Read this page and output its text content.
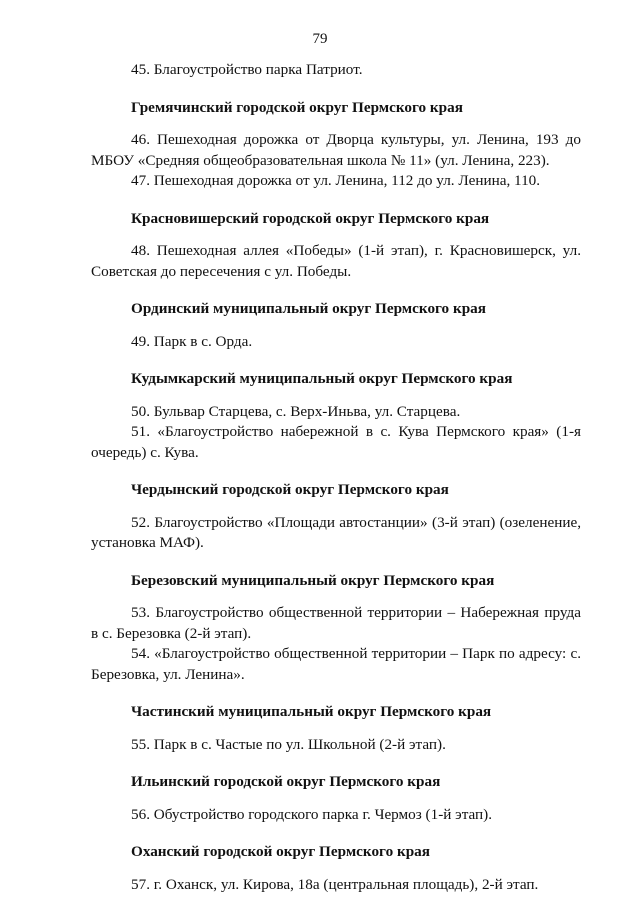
79

45. Благоустройство парка Патриот.

Гремячинский городской округ Пермского края

46. Пешеходная дорожка от Дворца культуры, ул. Ленина, 193 до МБОУ «Средняя общеобразовательная школа № 11» (ул. Ленина, 223).

47. Пешеходная дорожка от ул. Ленина, 112 до ул. Ленина, 110.

Красновишерский городской округ Пермского края

48. Пешеходная аллея «Победы» (1-й этап), г. Красновишерск, ул. Советская до пересечения с ул. Победы.

Ординский муниципальный округ Пермского края

49. Парк в с. Орда.

Кудымкарский муниципальный округ Пермского края

50. Бульвар Старцева, с. Верх-Иньва, ул. Старцева.

51. «Благоустройство набережной в с. Кува Пермского края» (1-я очередь) с. Кува.

Чердынский городской округ Пермского края

52. Благоустройство «Площади автостанции» (3-й этап) (озеленение, установка МАФ).

Березовский муниципальный округ Пермского края

53. Благоустройство общественной территории – Набережная пруда в с. Березовка (2-й этап).

54. «Благоустройство общественной территории – Парк по адресу: с. Березовка, ул. Ленина».

Частинский муниципальный округ Пермского края

55. Парк в с. Частые по ул. Школьной (2-й этап).

Ильинский городской округ Пермского края

56. Обустройство городского парка г. Чермоз (1-й этап).

Оханский городской округ Пермского края

57. г. Оханск, ул. Кирова, 18а (центральная площадь), 2-й этап.
